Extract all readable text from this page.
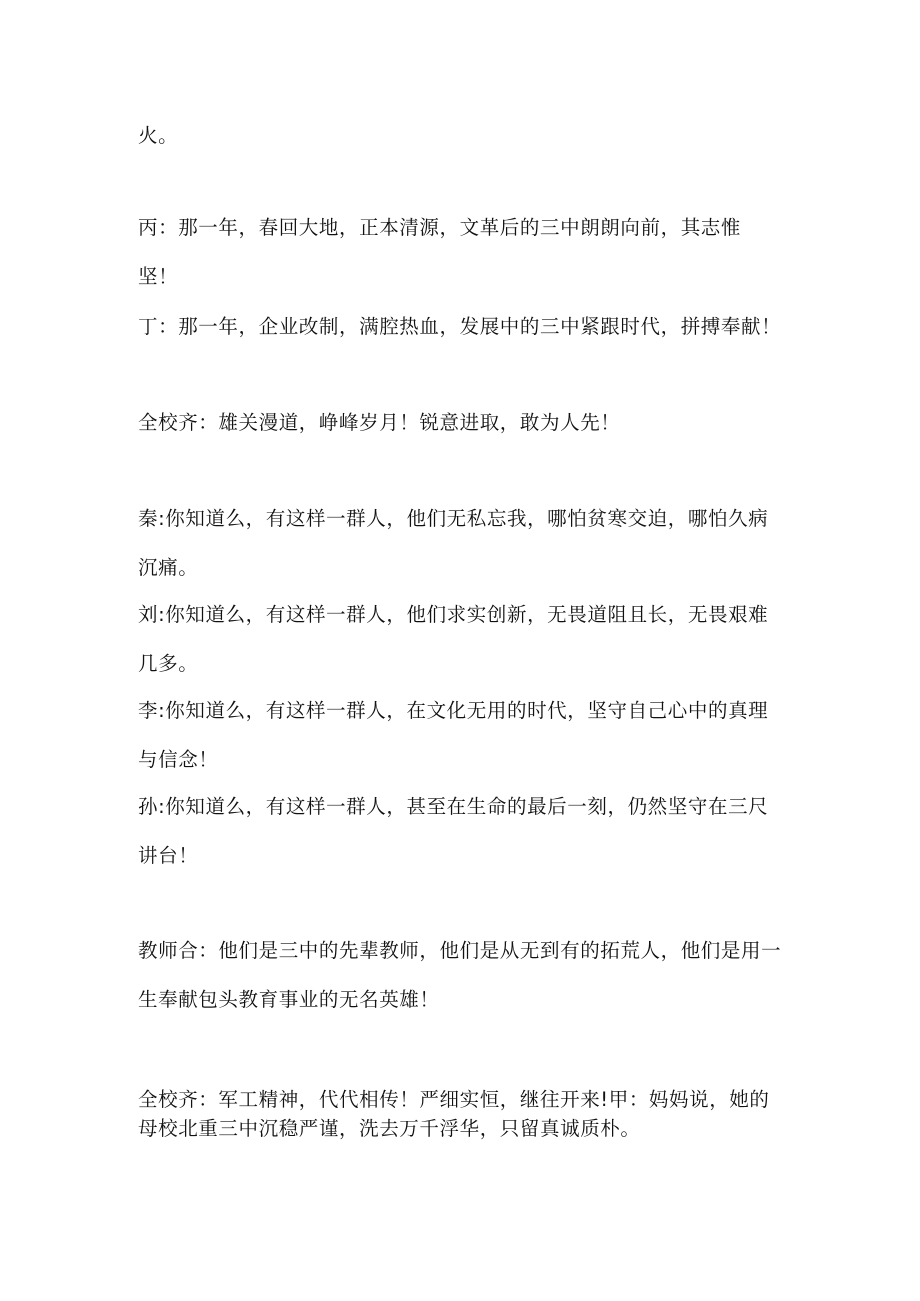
火。
丙：那一年，春回大地，正本清源，文革后的三中朗朗向前，其志惟
坚！
丁：那一年，企业改制，满腔热血，发展中的三中紧跟时代，拼搏奉献！
全校齐：雄关漫道，峥峰岁月！锐意进取，敢为人先！
秦:你知道么，有这样一群人，他们无私忘我，哪怕贫寒交迫，哪怕久病
沉痛。
刘:你知道么，有这样一群人，他们求实创新，无畏道阻且长，无畏艰难
几多。
李:你知道么，有这样一群人，在文化无用的时代，坚守自己心中的真理
与信念！
孙:你知道么，有这样一群人，甚至在生命的最后一刻，仍然坚守在三尺
讲台！
教师合：他们是三中的先辈教师，他们是从无到有的拓荒人，他们是用一
生奉献包头教育事业的无名英雄！
全校齐：军工精神，代代相传！严细实恒，继往开来!甲：妈妈说，她的
母校北重三中沉稳严谨，洗去万千浮华，只留真诚质朴。
